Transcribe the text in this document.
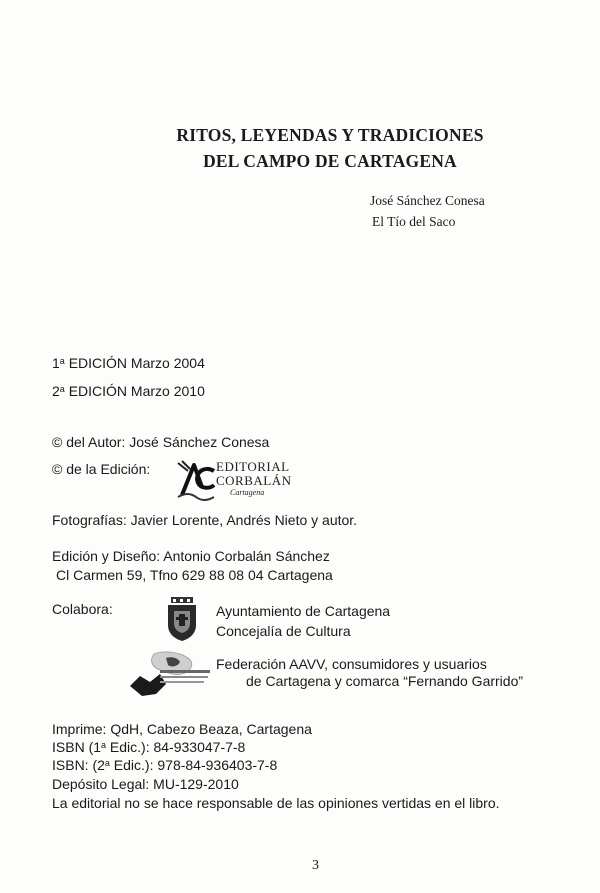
RITOS, LEYENDAS Y TRADICIONES
DEL CAMPO DE CARTAGENA
José Sánchez Conesa
El Tío del Saco
1$^a$ EDICIÓN Marzo 2004
2$^a$ EDICIÓN Marzo 2010
© del Autor: José Sánchez Conesa
© de la Edición:	EDITORIAL
CORBALÁN
Cartagena
Fotografías: Javier Lorente, Andrés Nieto y autor.
Edición y Diseño: Antonio Corbalán Sánchez
Cl Carmen 59, Tfno 629 88 08 04 Cartagena
Colabora:	Ayuntamiento de Cartagena
Concejalía de Cultura
Federación AAVV, consumidores y usuarios
de Cartagena y comarca “Fernando Garrido”
Imprime: QdH, Cabezo Beaza, Cartagena
ISBN (1$^a$ Edic.): 84-933047-7-8
ISBN: (2$^a$ Edic.): 978-84-936403-7-8
Depósito Legal: MU-129-2010
La editorial no se hace responsable de las opiniones vertidas en el libro.
3
